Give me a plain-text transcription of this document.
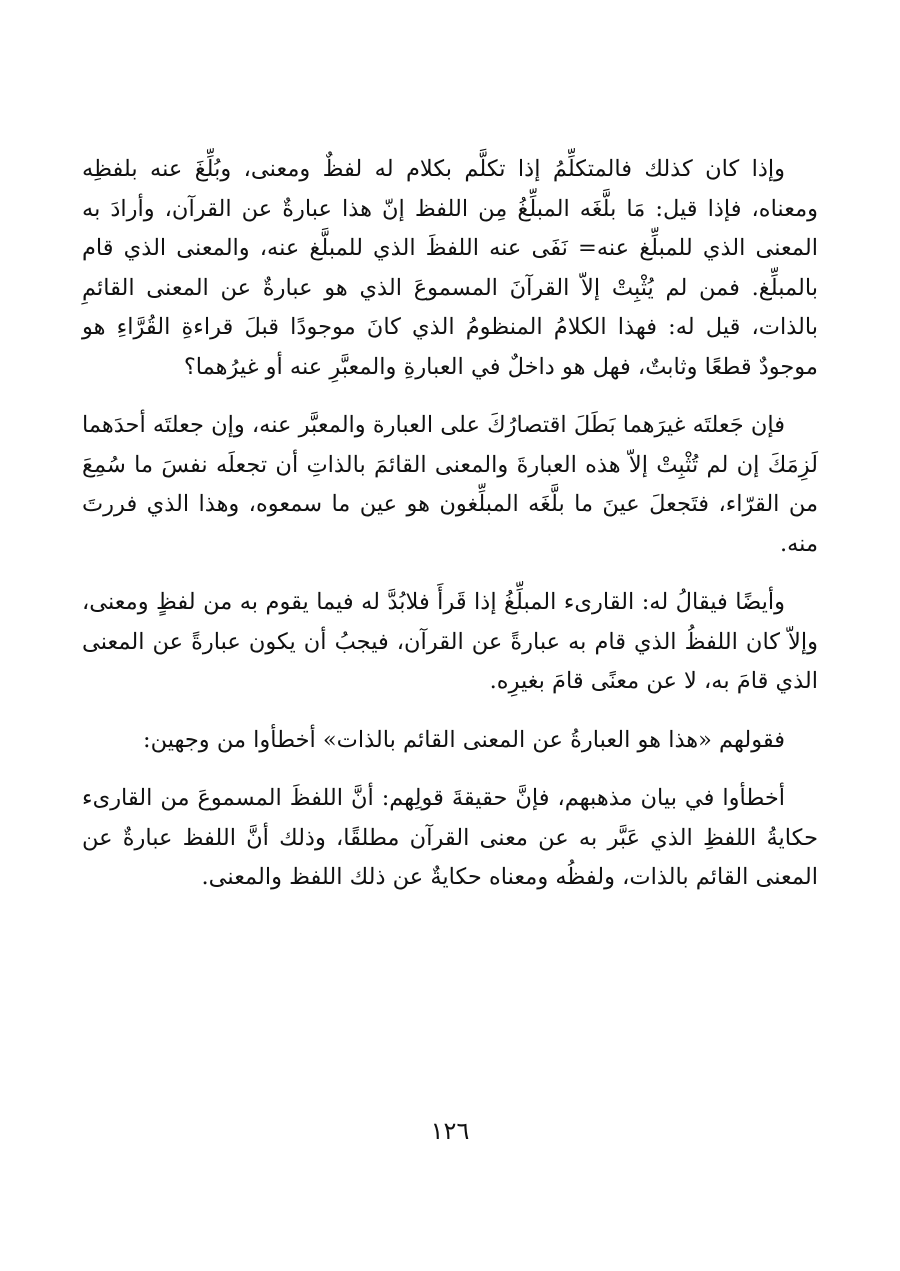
وإذا كان كذلك فالمتكلِّمُ إذا تكلَّم بكلام له لفظٌ ومعنى، وبُلِّغَ عنه بلفظِه ومعناه، فإذا قيل: مَا بلَّغَه المبلِّغُ مِن اللفظ إنّ هذا عبارةٌ عن القرآن، وأرادَ به المعنى الذي للمبلِّغ عنه= نَفَى عنه اللفظَ الذي للمبلَّغ عنه، والمعنى الذي قام بالمبلِّغ. فمن لم يُثْبِتْ إلاّ القرآنَ المسموعَ الذي هو عبارةٌ عن المعنى القائمِ بالذات، قيل له: فهذا الكلامُ المنظومُ الذي كانَ موجودًا قبلَ قراءةِ القُرَّاءِ هو موجودٌ قطعًا وثابتٌ، فهل هو داخلٌ في العبارةِ والمعبَّرِ عنه أو غيرُهما؟

فإن جَعلتَه غيرَهما بَطَلَ اقتصارُكَ على العبارة والمعبَّر عنه، وإن جعلتَه أحدَهما لَزِمَكَ إن لم تُثْبِتْ إلاّ هذه العبارةَ والمعنى القائمَ بالذاتِ أن تجعلَه نفسَ ما سُمِعَ من القرّاء، فتَجعلَ عينَ ما بلَّغَه المبلِّغون هو عين ما سمعوه، وهذا الذي فررتَ منه.

وأيضًا فيقالُ له: القارىء المبلِّغُ إذا قَرأَ فلابُدَّ له فيما يقوم به من لفظٍ ومعنى، وإلاّ كان اللفظُ الذي قام به عبارةً عن القرآن، فيجبُ أن يكون عبارةً عن المعنى الذي قامَ به، لا عن معنًى قامَ بغيرِه.

فقولهم «هذا هو العبارةُ عن المعنى القائم بالذات» أخطأوا من وجهين:

أخطأوا في بيان مذهبهم، فإنَّ حقيقةَ قولِهم: أنَّ اللفظَ المسموعَ من القارىء حكايةُ اللفظِ الذي عَبَّر به عن معنى القرآن مطلقًا، وذلك أنَّ اللفظ عبارةٌ عن المعنى القائم بالذات، ولفظُه ومعناه حكايةٌ عن ذلك اللفظ والمعنى.

١٢٦
